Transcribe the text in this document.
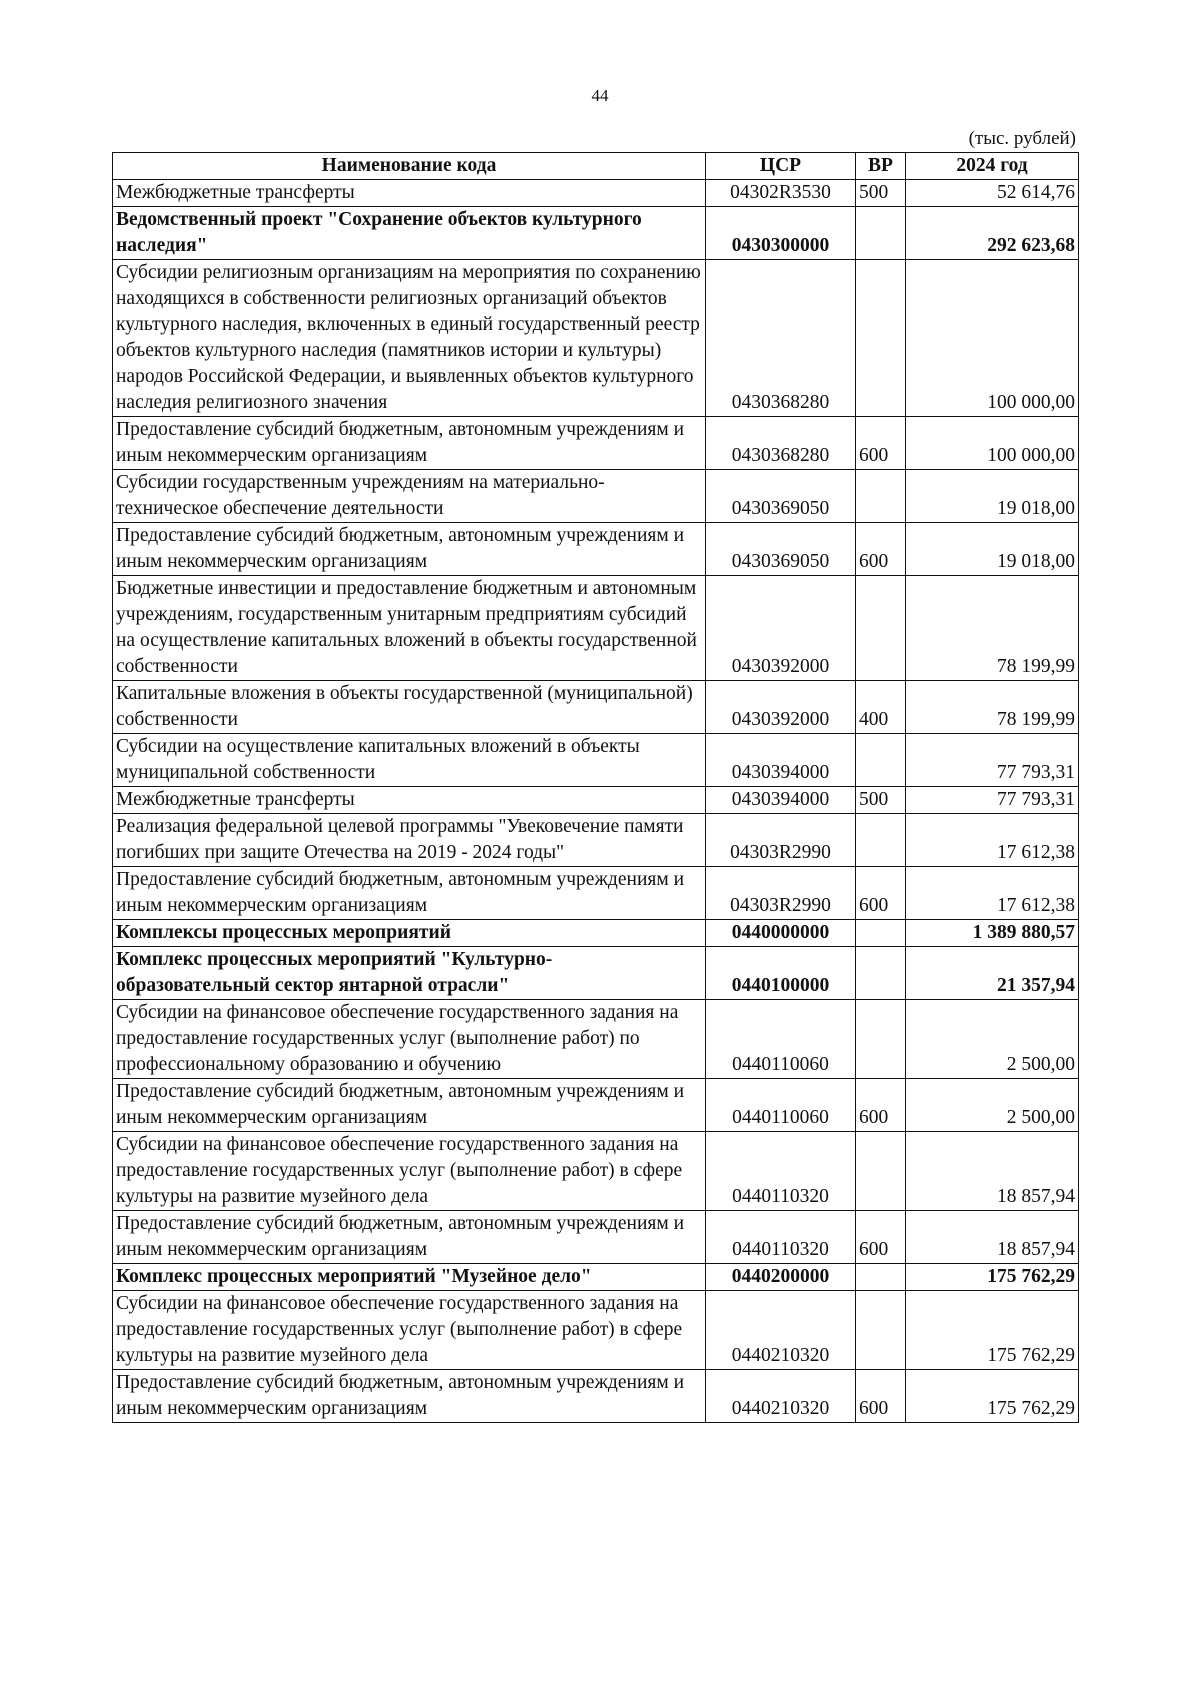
44
(тыс. рублей)
Наименование кода	ЦСР	ВР	2024 год
Межбюджетные трансферты	04302R3530	500	52 614,76
Ведомственный проект "Сохранение объектов культурного наследия"	0430300000		292 623,68
Субсидии религиозным организациям на мероприятия по сохранению находящихся в собственности религиозных организаций объектов культурного наследия, включенных в единый государственный реестр объектов культурного наследия (памятников истории и культуры) народов Российской Федерации, и выявленных объектов культурного наследия религиозного значения	0430368280		100 000,00
Предоставление субсидий бюджетным, автономным учреждениям и иным некоммерческим организациям	0430368280	600	100 000,00
Субсидии государственным учреждениям на материально-техническое обеспечение деятельности	0430369050		19 018,00
Предоставление субсидий бюджетным, автономным учреждениям и иным некоммерческим организациям	0430369050	600	19 018,00
Бюджетные инвестиции и предоставление бюджетным и автономным учреждениям, государственным унитарным предприятиям субсидий на осуществление капитальных вложений в объекты государственной собственности	0430392000		78 199,99
Капитальные вложения в объекты государственной (муниципальной) собственности	0430392000	400	78 199,99
Субсидии на осуществление капитальных вложений в объекты муниципальной собственности	0430394000		77 793,31
Межбюджетные трансферты	0430394000	500	77 793,31
Реализация федеральной целевой программы "Увековечение памяти погибших при защите Отечества на 2019 - 2024 годы"	04303R2990		17 612,38
Предоставление субсидий бюджетным, автономным учреждениям и иным некоммерческим организациям	04303R2990	600	17 612,38
Комплексы процессных мероприятий	0440000000		1 389 880,57
Комплекс процессных мероприятий "Культурно-образовательный сектор янтарной отрасли"	0440100000		21 357,94
Субсидии на финансовое обеспечение государственного задания на предоставление государственных услуг (выполнение работ) по профессиональному образованию и обучению	0440110060		2 500,00
Предоставление субсидий бюджетным, автономным учреждениям и иным некоммерческим организациям	0440110060	600	2 500,00
Субсидии на финансовое обеспечение государственного задания на предоставление государственных услуг (выполнение работ) в сфере культуры на развитие музейного дела	0440110320		18 857,94
Предоставление субсидий бюджетным, автономным учреждениям и иным некоммерческим организациям	0440110320	600	18 857,94
Комплекс процессных мероприятий "Музейное дело"	0440200000		175 762,29
Субсидии на финансовое обеспечение государственного задания на предоставление государственных услуг (выполнение работ) в сфере культуры на развитие музейного дела	0440210320		175 762,29
Предоставление субсидий бюджетным, автономным учреждениям и иным некоммерческим организациям	0440210320	600	175 762,29
